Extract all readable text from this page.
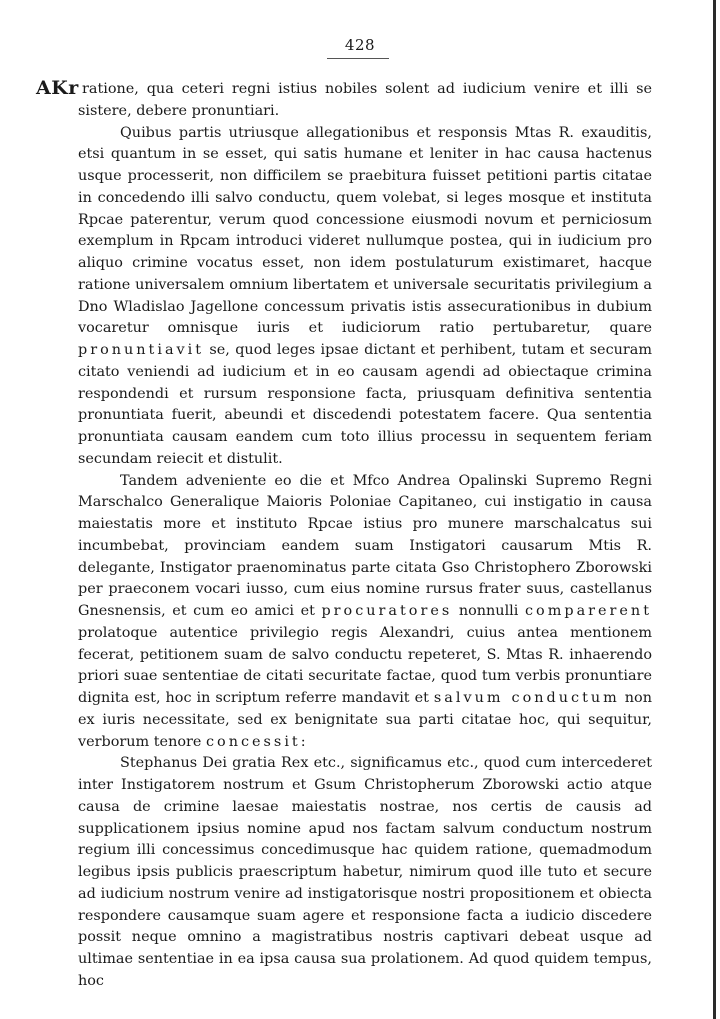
428
AKr ratione, qua ceteri regni istius nobiles solent ad iudicium venire et illi se sistere, debere pronuntiari.

Quibus partis utriusque allegationibus et responsis Mtas R. exauditis, etsi quantum in se esset, qui satis humane et leniter in hac causa hactenus usque processerit, non difficilem se praebitura fuisset petitioni partis citatae in concedendo illi salvo conductu, quem volebat, si leges mosque et instituta Rpcae paterentur, verum quod concessione eiusmodi novum et perniciosum exemplum in Rpcam introduci videret nullumque postea, qui in iudicium pro aliquo crimine vocatus esset, non idem postulaturum existimaret, hacque ratione universalem omnium libertatem et universale securitatis privilegium a Dno Wladislao Jagellone concessum privatis istis assecurationibus in dubium vocaretur omnisque iuris et iudiciorum ratio pertubaretur, quare pronuntiavit se, quod leges ipsae dictant et perhibent, tutam et securam citato veniendi ad iudicium et in eo causam agendi ad obiectaque crimina respondendi et rursum responsione facta, priusquam definitiva sententia pronuntiata fuerit, abeundi et discedendi potestatem facere. Qua sententia pronuntiata causam eandem cum toto illius processu in sequentem feriam secundam reiecit et distulit.

Tandem adveniente eo die et Mfco Andrea Opalinski Supremo Regni Marschalco Generalique Maioris Poloniae Capitaneo, cui instigatio in causa maiestatis more et instituto Rpcae istius pro munere marschalcatus sui incumbebat, provinciam eandem suam Instigatori causarum Mtis R. delegante, Instigator praenominatus parte citata Gso Christophero Zborowski per praeconem vocari iusso, cum eius nomine rursus frater suus, castellanus Gnesnensis, et cum eo amici et procuratores nonnulli comparerent prolatoque autentice privilegio regis Alexandri, cuius antea mentionem fecerat, petitionem suam de salvo conductu repeteret, S. Mtas R. inhaerendo priori suae sententiae de citati securitate factae, quod tum verbis pronuntiare dignita est, hoc in scriptum referre mandavit et salvum conductum non ex iuris necessitate, sed ex benignitate sua parti citatae hoc, qui sequitur, verborum tenore concessit:

Stephanus Dei gratia Rex etc., significamus etc., quod cum intercederet inter Instigatorem nostrum et Gsum Christopherum Zborowski actio atque causa de crimine laesae maiestatis nostrae, nos certis de causis ad supplicationem ipsius nomine apud nos factam salvum conductum nostrum regium illi concessimus concedimusque hac quidem ratione, quemadmodum legibus ipsis publicis praescriptum habetur, nimirum quod ille tuto et secure ad iudicium nostrum venire ad instigatorisque nostri propositionem et obiecta respondere causamque suam agere et responsione facta a iudicio discedere possit neque omnino a magistratibus nostris captivari debeat usque ad ultimae sententiae in ea ipsa causa sua prolationem. Ad quod quidem tempus, hoc
